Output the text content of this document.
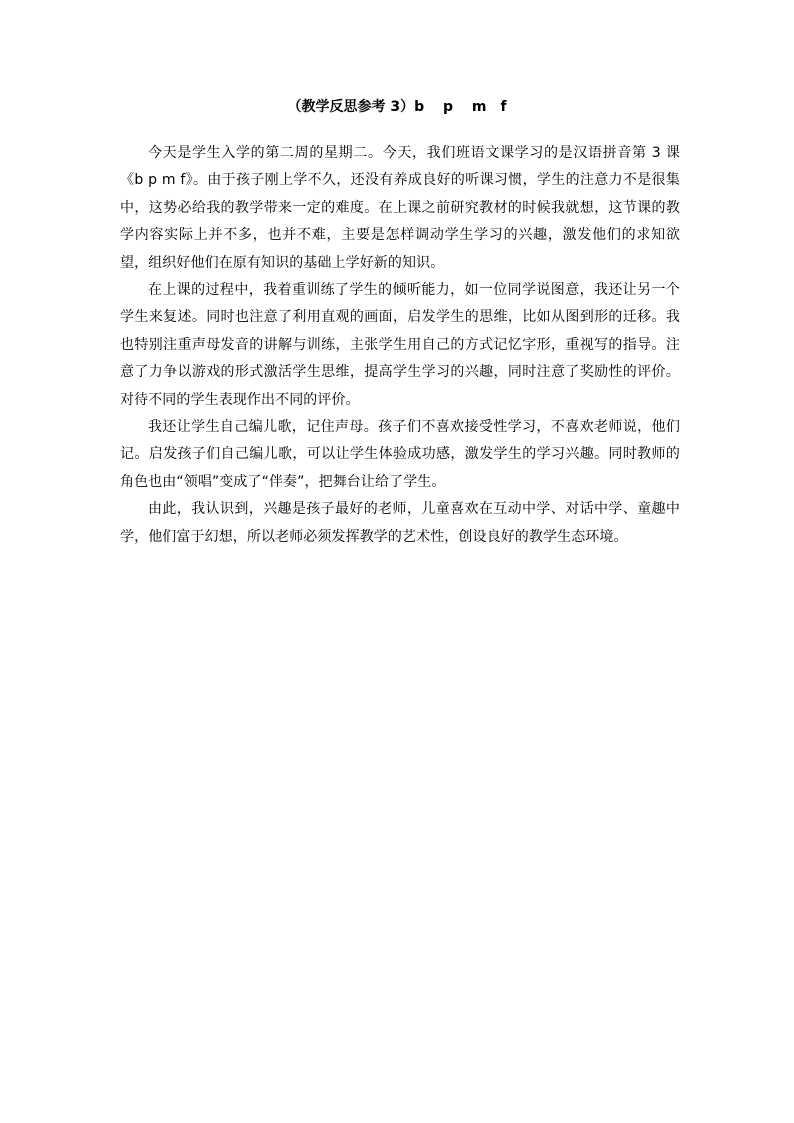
（教学反思参考 3）b　 p　 m　f

今天是学生入学的第二周的星期二。今天，我们班语文课学习的是汉语拼音第 3 课《b p m f》。由于孩子刚上学不久，还没有养成良好的听课习惯，学生的注意力不是很集中，这势必给我的教学带来一定的难度。在上课之前研究教材的时候我就想，这节课的教学内容实际上并不多，也并不难，主要是怎样调动学生学习的兴趣，激发他们的求知欲望，组织好他们在原有知识的基础上学好新的知识。

在上课的过程中，我着重训练了学生的倾听能力，如一位同学说图意，我还让另一个学生来复述。同时也注意了利用直观的画面，启发学生的思维，比如从图到形的迁移。我也特别注重声母发音的讲解与训练，主张学生用自己的方式记忆字形，重视写的指导。注意了力争以游戏的形式激活学生思维，提高学生学习的兴趣，同时注意了奖励性的评价。对待不同的学生表现作出不同的评价。

我还让学生自己编儿歌，记住声母。孩子们不喜欢接受性学习，不喜欢老师说，他们记。启发孩子们自己编儿歌，可以让学生体验成功感，激发学生的学习兴趣。同时教师的角色也由“领唱”变成了“伴奏”，把舞台让给了学生。

由此，我认识到，兴趣是孩子最好的老师，儿童喜欢在互动中学、对话中学、童趣中学，他们富于幻想，所以老师必须发挥教学的艺术性，创设良好的教学生态环境。
